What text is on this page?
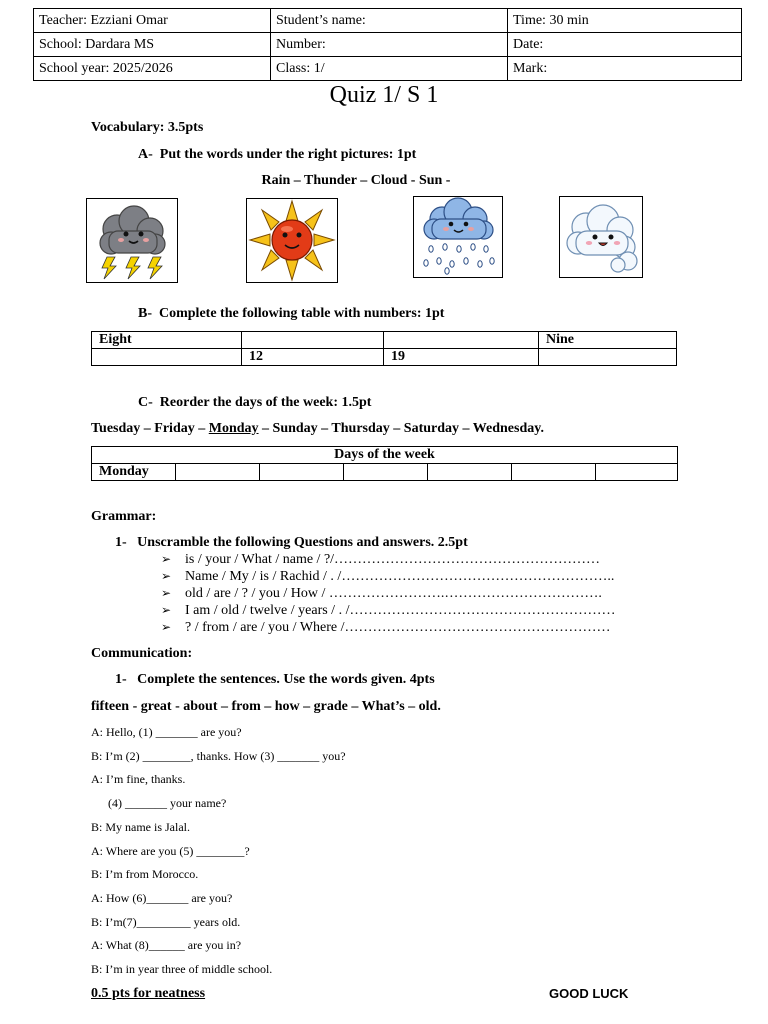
Teacher: Ezziani Omar	Student’s name:	Time: 30 min
School: Dardara MS	Number:	Date:
School year: 2025/2026	Class: 1/	Mark:
Quiz 1/ S 1
Vocabulary: 3.5pts
A- Put the words under the right pictures: 1pt
Rain – Thunder – Cloud - Sun -
B- Complete the following table with numbers: 1pt
Eight			Nine
	12	19	
C- Reorder the days of the week: 1.5pt
Tuesday – Friday – Monday – Sunday – Thursday – Saturday – Wednesday.
Days of the week
Monday						
Grammar:
1- Unscramble the following Questions and answers. 2.5pt
➢ is / your / What / name / ?/…………………………………………………
➢ Name / My / is / Rachid / . /…………………………………………………..
➢ old / are / ? / you / How / …………………….…………………………….
➢ I am / old / twelve / years / . /…………………………………………………
➢ ? / from / are / you / Where /…………………………………………………
Communication:
1- Complete the sentences. Use the words given. 4pts
fifteen - great - about – from – how – grade – What’s – old.
A: Hello, (1) _______ are you?
B: I’m (2) ________, thanks. How (3) _______ you?
A: I’m fine, thanks.
(4) _______ your name?
B: My name is Jalal.
A: Where are you (5) ________?
B: I’m from Morocco.
A: How (6)_______ are you?
B: I’m(7)_________ years old.
A: What (8)______ are you in?
B: I’m in year three of middle school.
0.5 pts for neatness	GOOD LUCK
